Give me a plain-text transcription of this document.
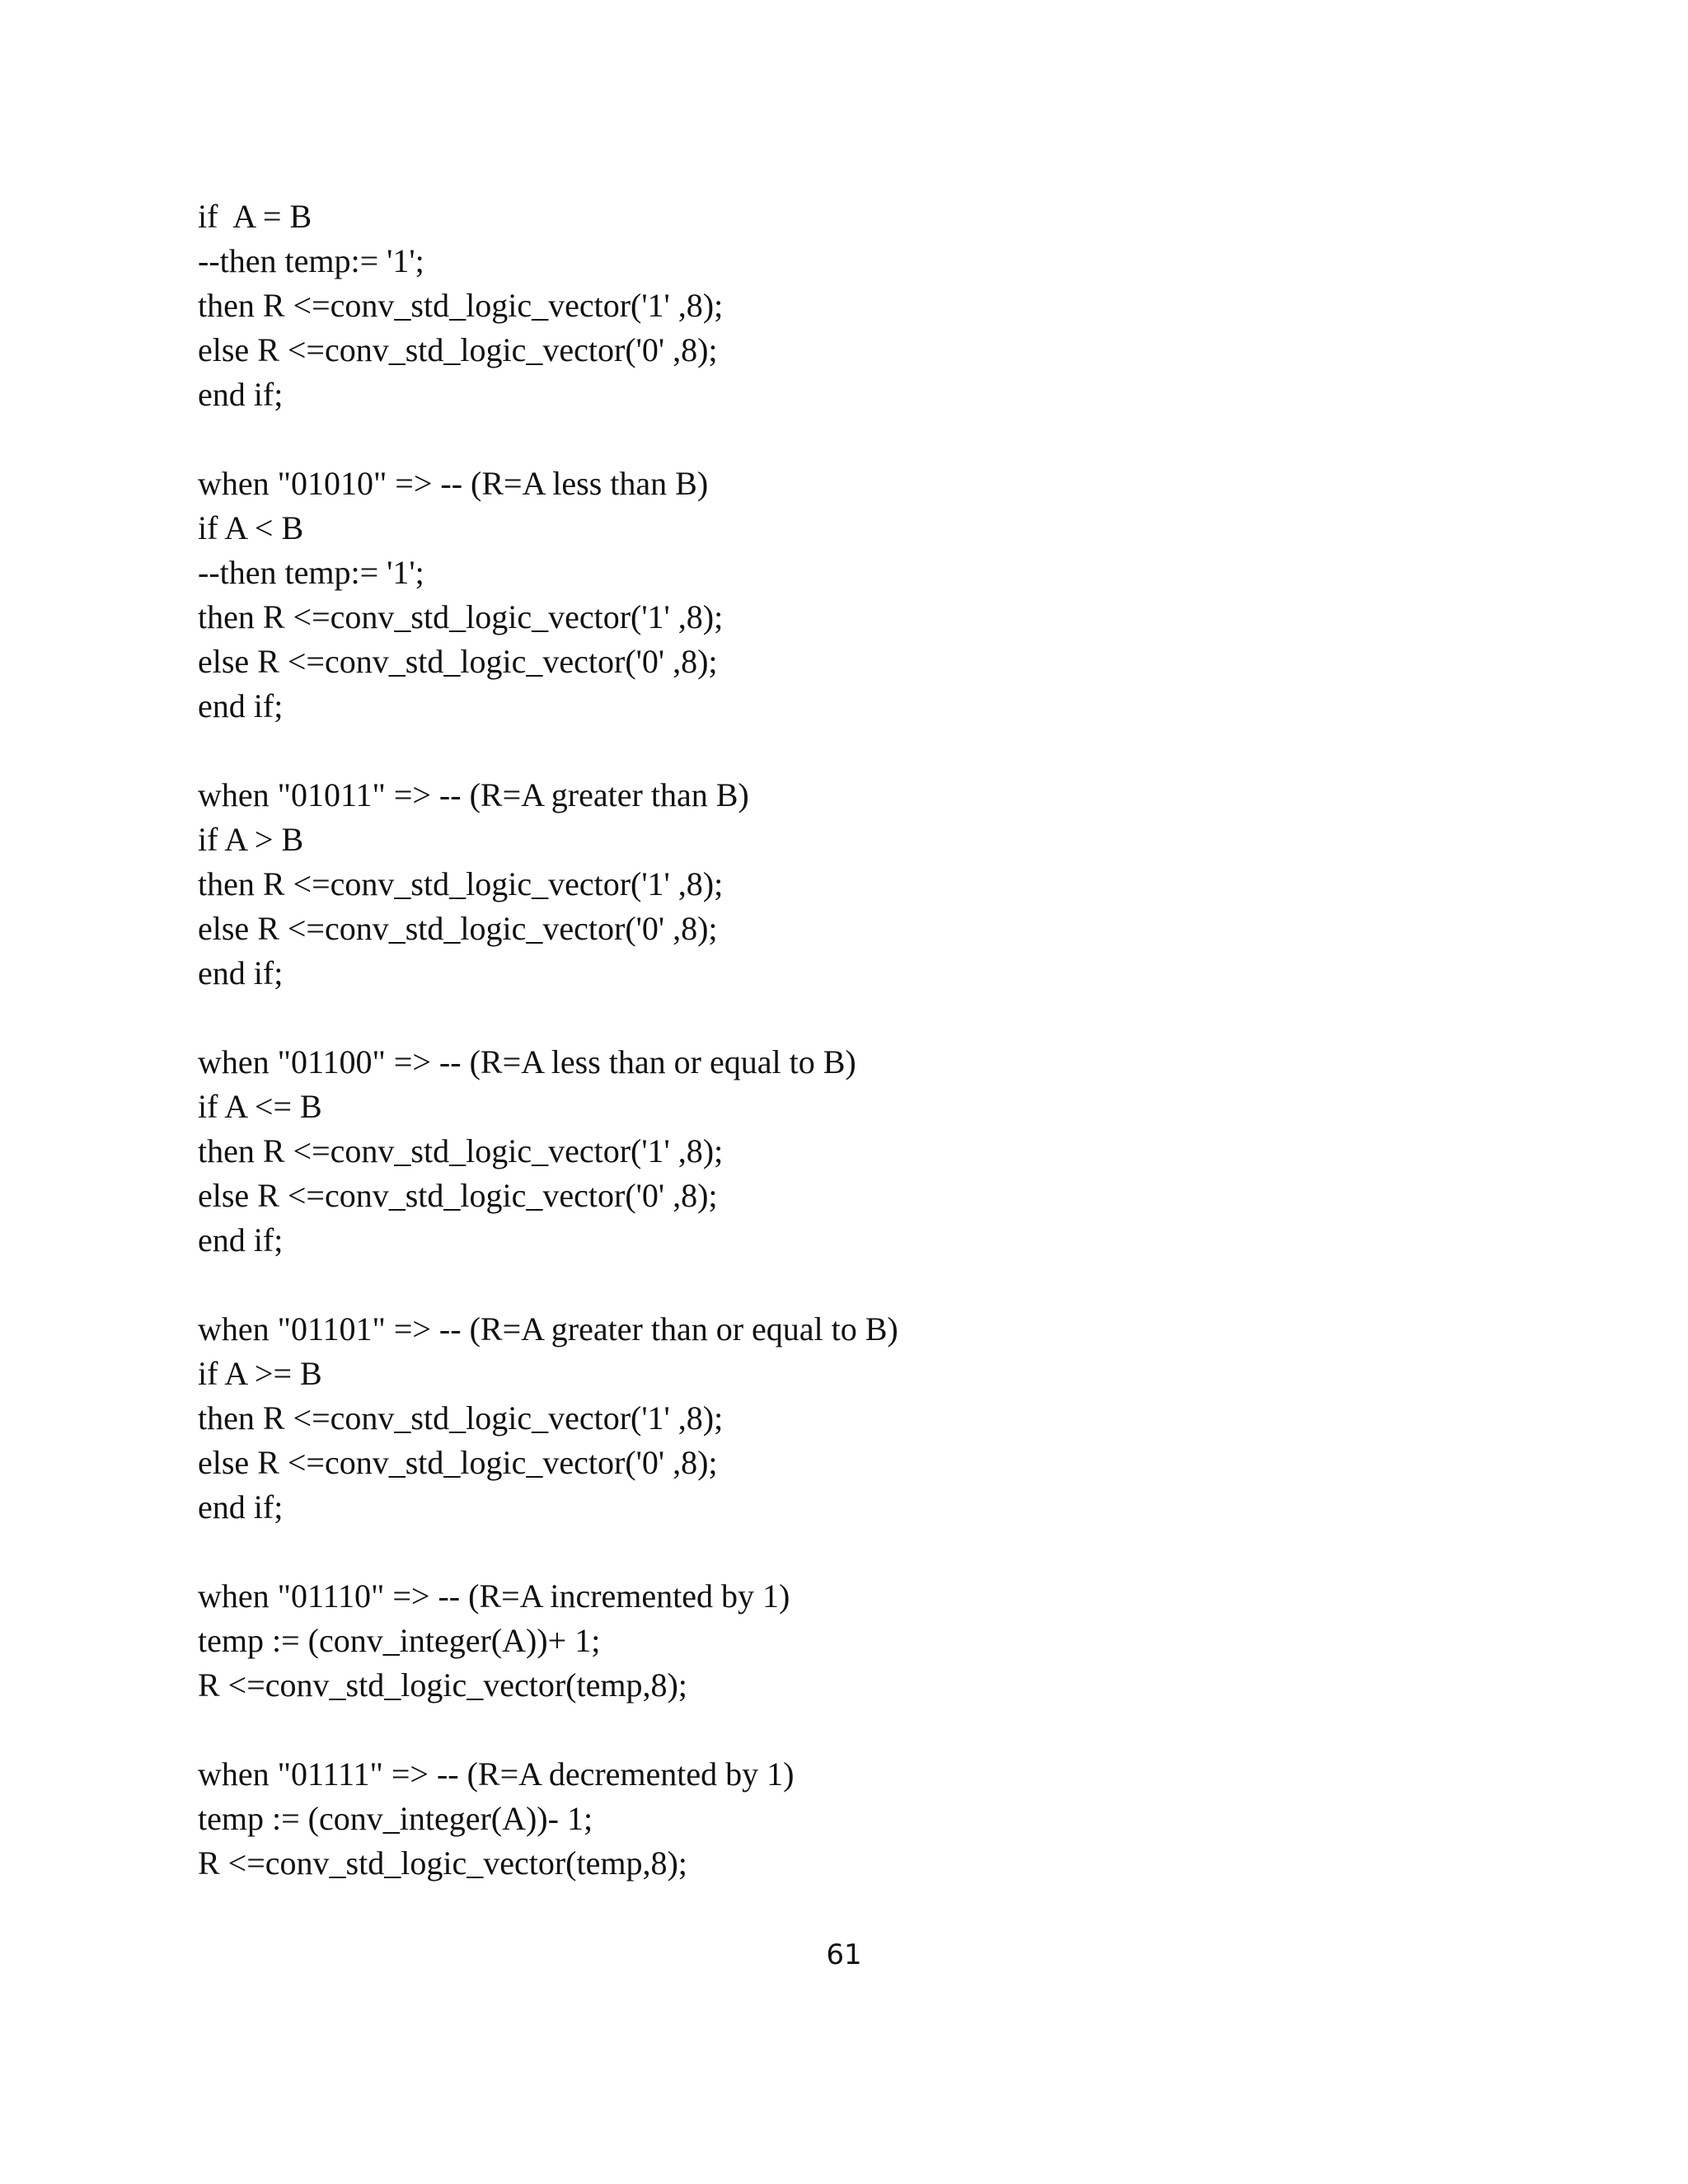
if  A = B
--then temp:= '1';
then R <=conv_std_logic_vector('1' ,8);
else R <=conv_std_logic_vector('0' ,8);
end if;
when "01010" => -- (R=A less than B)
if A < B
--then temp:= '1';
then R <=conv_std_logic_vector('1' ,8);
else R <=conv_std_logic_vector('0' ,8);
end if;
when "01011" => -- (R=A greater than B)
if A > B
then R <=conv_std_logic_vector('1' ,8);
else R <=conv_std_logic_vector('0' ,8);
end if;
when "01100" => -- (R=A less than or equal to B)
if A <= B
then R <=conv_std_logic_vector('1' ,8);
else R <=conv_std_logic_vector('0' ,8);
end if;
when "01101" => -- (R=A greater than or equal to B)
if A >= B
then R <=conv_std_logic_vector('1' ,8);
else R <=conv_std_logic_vector('0' ,8);
end if;
when "01110" => -- (R=A incremented by 1)
temp := (conv_integer(A))+ 1;
R <=conv_std_logic_vector(temp,8);
when "01111" => -- (R=A decremented by 1)
temp := (conv_integer(A))- 1;
R <=conv_std_logic_vector(temp,8);
61
